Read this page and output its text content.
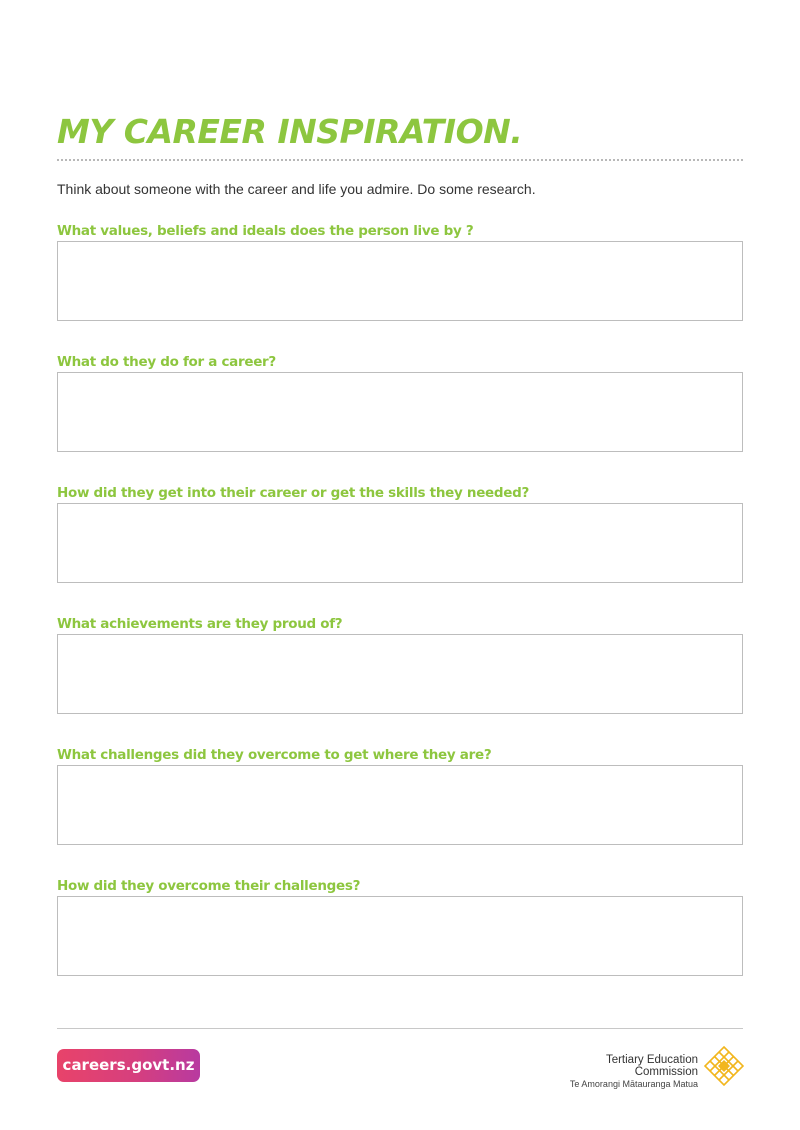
MY CAREER INSPIRATION.

Think about someone with the career and life you admire. Do some research.

What values, beliefs and ideals does the person live by ?
What do they do for a career?
How did they get into their career or get the skills they needed?
What achievements are they proud of?
What challenges did they overcome to get where they are?
How did they overcome their challenges?
careers.govt.nz	Tertiary Education
Commission
Te Amorangi Mātauranga Matua
